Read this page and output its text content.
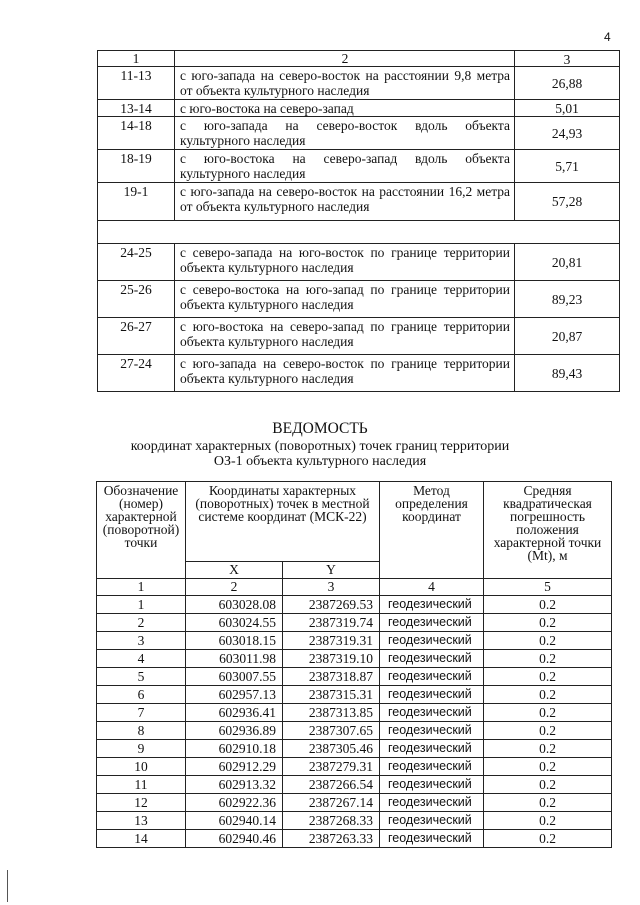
4
1	2	3
11-13	с юго-запада на северо-восток на расстоянии 9,8 метра от объекта культурного наследия	26,88
13-14	с юго-востока на северо-запад	5,01
14-18	с юго-запада на северо-восток вдоль объекта культурного наследия	24,93
18-19	с юго-востока на северо-запад вдоль объекта культурного наследия	5,71
19-1	с юго-запада на северо-восток на расстоянии 16,2 метра от объекта культурного наследия	57,28

24-25	с северо-запада на юго-восток по границе территории объекта культурного наследия	20,81
25-26	с северо-востока на юго-запад по границе территории объекта культурного наследия	89,23
26-27	с юго-востока на северо-запад по границе территории объекта культурного наследия	20,87
27-24	с юго-запада на северо-восток по границе территории объекта культурного наследия	89,43
ВЕДОМОСТЬ
координат характерных (поворотных) точек границ территории
ОЗ-1 объекта культурного наследия
Обозначение (номер) характерной (поворотной) точки	Координаты характерных (поворотных) точек в местной системе координат (МСК-22)		Метод определения координат	Средняя квадратическая погрешность положения характерной точки (Mt), м
	X	Y		
1	2	3	4	5
1	603028.08	2387269.53	геодезический	0.2
2	603024.55	2387319.74	геодезический	0.2
3	603018.15	2387319.31	геодезический	0.2
4	603011.98	2387319.10	геодезический	0.2
5	603007.55	2387318.87	геодезический	0.2
6	602957.13	2387315.31	геодезический	0.2
7	602936.41	2387313.85	геодезический	0.2
8	602936.89	2387307.65	геодезический	0.2
9	602910.18	2387305.46	геодезический	0.2
10	602912.29	2387279.31	геодезический	0.2
11	602913.32	2387266.54	геодезический	0.2
12	602922.36	2387267.14	геодезический	0.2
13	602940.14	2387268.33	геодезический	0.2
14	602940.46	2387263.33	геодезический	0.2
